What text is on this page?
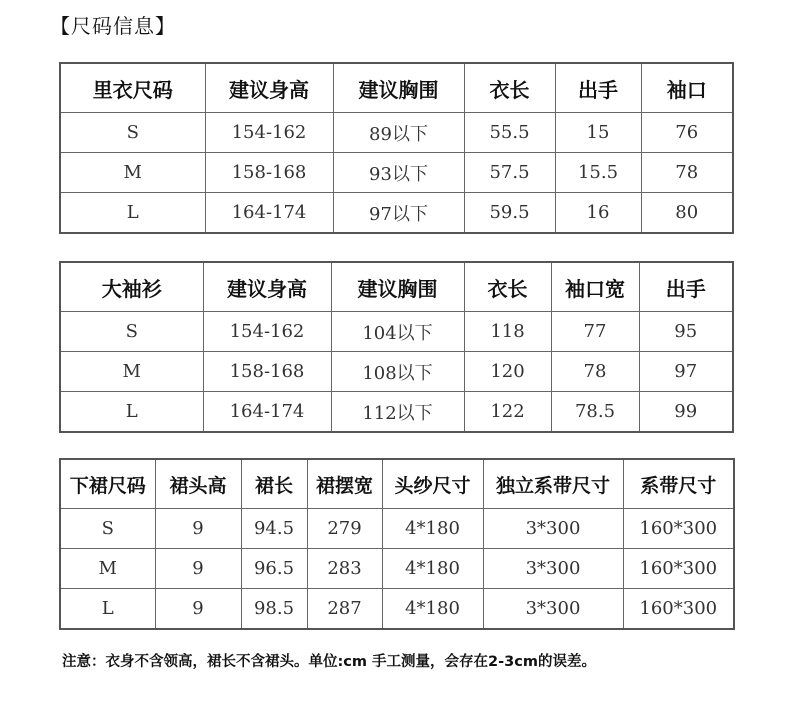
【尺码信息】
里衣尺码	建议身高	建议胸围	衣长	出手	袖口
S	154-162	89以下	55.5	15	76
M	158-168	93以下	57.5	15.5	78
L	164-174	97以下	59.5	16	80
大袖衫	建议身高	建议胸围	衣长	袖口宽	出手
S	154-162	104以下	118	77	95
M	158-168	108以下	120	78	97
L	164-174	112以下	122	78.5	99
下裙尺码	裙头高	裙长	裙摆宽	头纱尺寸	独立系带尺寸	系带尺寸
S	9	94.5	279	4*180	3*300	160*300
M	9	96.5	283	4*180	3*300	160*300
L	9	98.5	287	4*180	3*300	160*300
注意：衣身不含领高，裙长不含裙头。单位:cm 手工测量，会存在2-3cm的误差。
